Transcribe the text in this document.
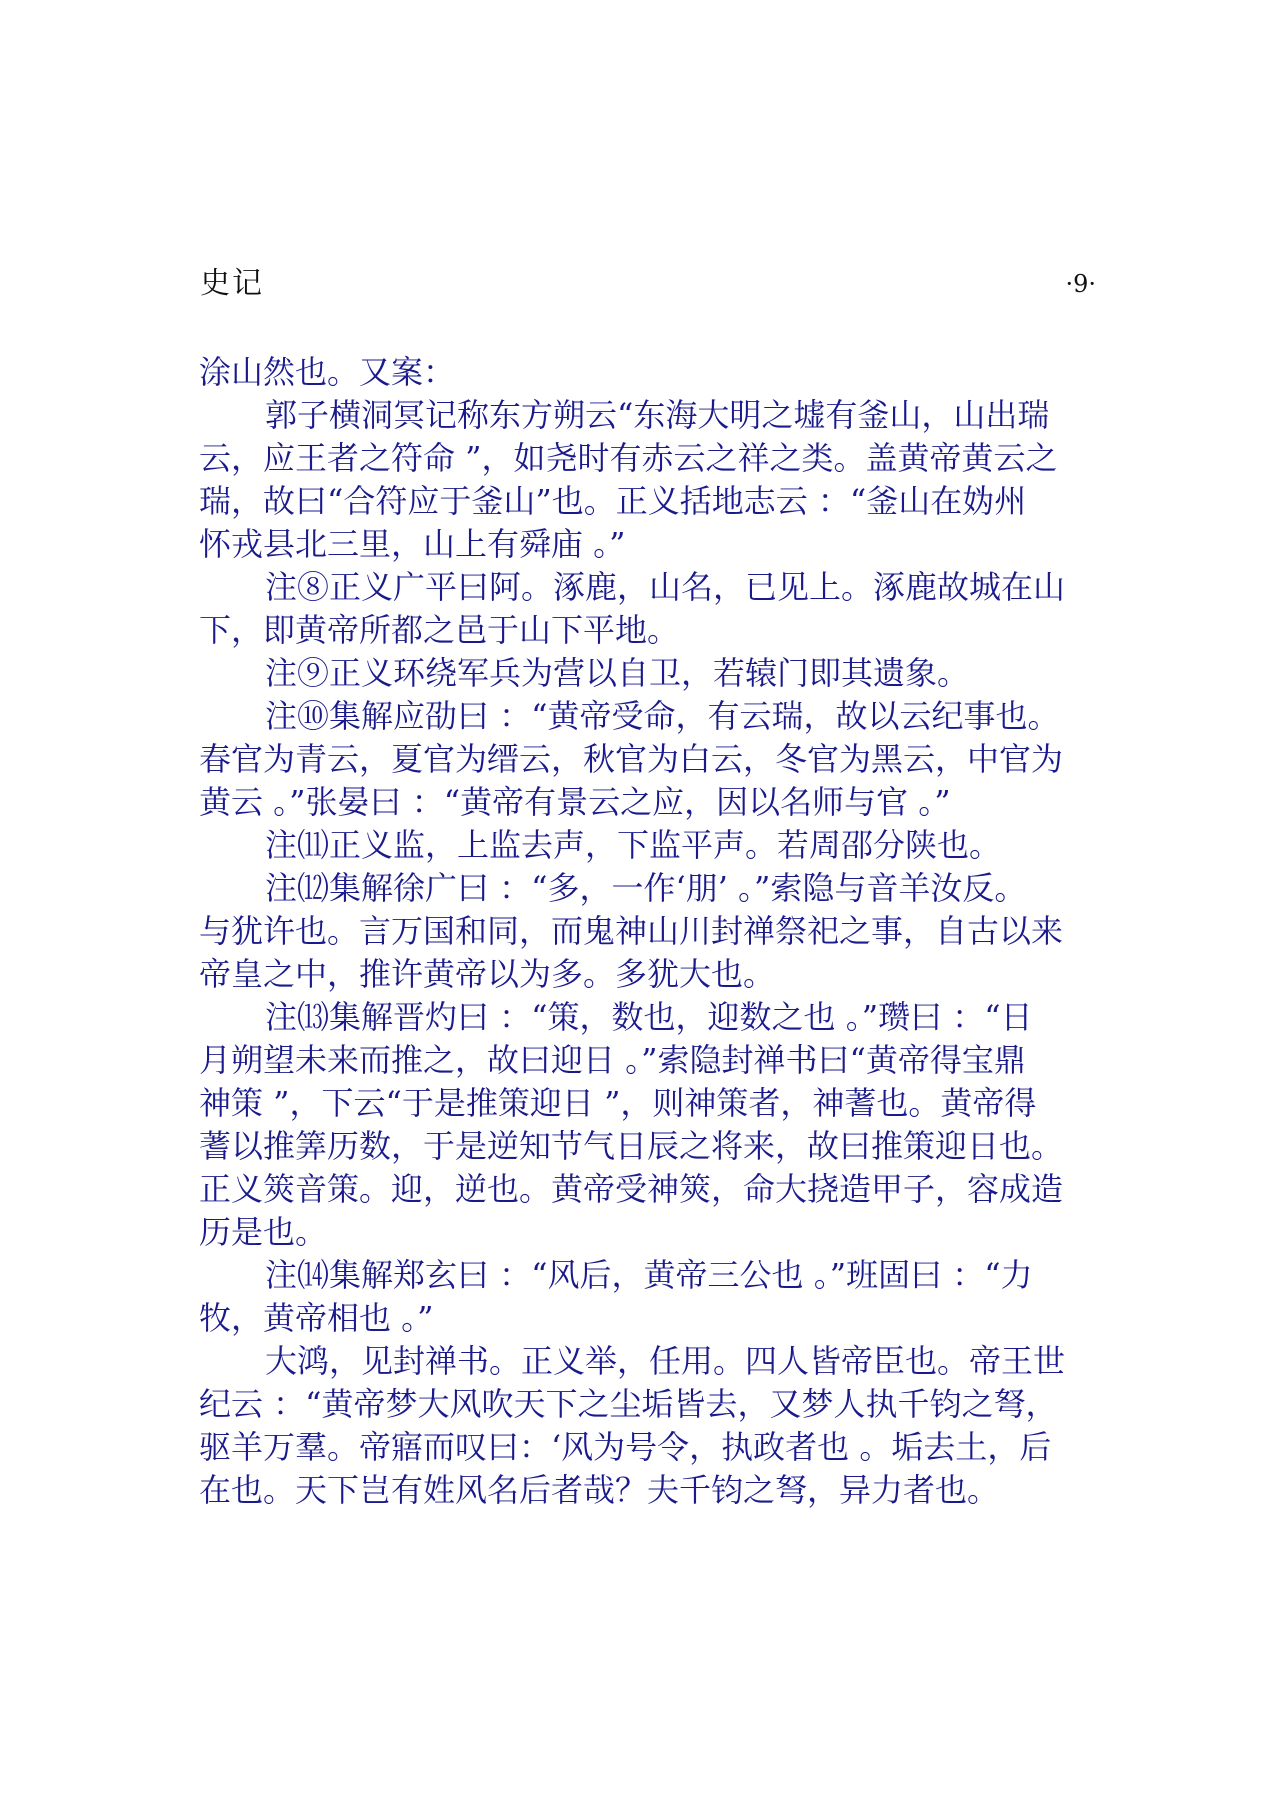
史记	·9·
涂山然也。又案：
郭子横洞冥记称东方朔云“东海大明之墟有釜山，山出瑞
云，应王者之符命 ”，如尧时有赤云之祥之类。盖黄帝黄云之
瑞，故曰“合符应于釜山”也。正义括地志云 ：“釜山在妫州
怀戎县北三里，山上有舜庙 。”
注⑧正义广平曰阿。涿鹿，山名，已见上。涿鹿故城在山
下，即黄帝所都之邑于山下平地。
注⑨正义环绕军兵为营以自卫，若辕门即其遗象。
注⑩集解应劭曰 ：“黄帝受命，有云瑞，故以云纪事也。
春官为青云，夏官为缙云，秋官为白云，冬官为黑云，中官为
黄云 。”张晏曰 ：“黄帝有景云之应，因以名师与官 。”
注⑾正义监，上监去声，下监平声。若周邵分陕也。
注⑿集解徐广曰 ：“多，一作‘朋’ 。”索隐与音羊汝反。
与犹许也。言万国和同，而鬼神山川封禅祭祀之事，自古以来
帝皇之中，推许黄帝以为多。多犹大也。
注⒀集解晋灼曰 ：“策，数也，迎数之也 。”瓒曰 ：“日
月朔望未来而推之，故曰迎日 。”索隐封禅书曰“黄帝得宝鼎
神策 ”，下云“于是推策迎日 ”，则神策者，神蓍也。黄帝得
蓍以推筭历数，于是逆知节气日辰之将来，故曰推策迎日也。
正义筴音策。迎，逆也。黄帝受神筴，命大挠造甲子，容成造
历是也。
注⒁集解郑玄曰 ：“风后，黄帝三公也 。”班固曰 ：“力
牧，黄帝相也 。”
大鸿，见封禅书。正义举，任用。四人皆帝臣也。帝王世
纪云 ：“黄帝梦大风吹天下之尘垢皆去，又梦人执千钧之弩，
驱羊万羣。帝寤而叹曰：‘风为号令，执政者也 。垢去土，后
在也。天下岂有姓风名后者哉？夫千钧之弩，异力者也。
